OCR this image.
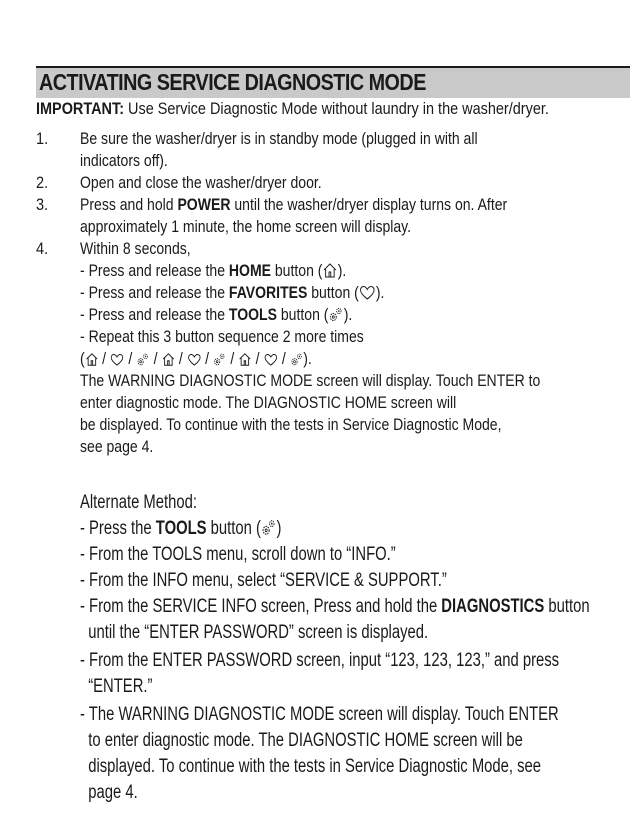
ACTIVATING SERVICE DIAGNOSTIC MODE
IMPORTANT: Use Service Diagnostic Mode without laundry in the washer/dryer.
1. Be sure the washer/dryer is in standby mode (plugged in with all
indicators off).
2. Open and close the washer/dryer door.
3. Press and hold POWER until the washer/dryer display turns on. After
approximately 1 minute, the home screen will display.
4. Within 8 seconds,
- Press and release the HOME button ( ).
- Press and release the FAVORITES button ( ).
- Press and release the TOOLS button ( ).
- Repeat this 3 button sequence 2 more times
(
/
/
/
/
/
/
/
/
).
The WARNING DIAGNOSTIC MODE screen will display. Touch ENTER to
enter diagnostic mode. The DIAGNOSTIC HOME screen will
be displayed. To continue with the tests in Service Diagnostic Mode,
see page 4.
Alternate Method:
- Press the TOOLS button ( )
- From the TOOLS menu, scroll down to “INFO.”
- From the INFO menu, select “SERVICE & SUPPORT.”
- From the SERVICE INFO screen, Press and hold the DIAGNOSTICS button
until the “ENTER PASSWORD” screen is displayed.
- From the ENTER PASSWORD screen, input “123, 123, 123,” and press
“ENTER.”
- The WARNING DIAGNOSTIC MODE screen will display. Touch ENTER
to enter diagnostic mode. The DIAGNOSTIC HOME screen will be
displayed. To continue with the tests in Service Diagnostic Mode, see
page 4.
